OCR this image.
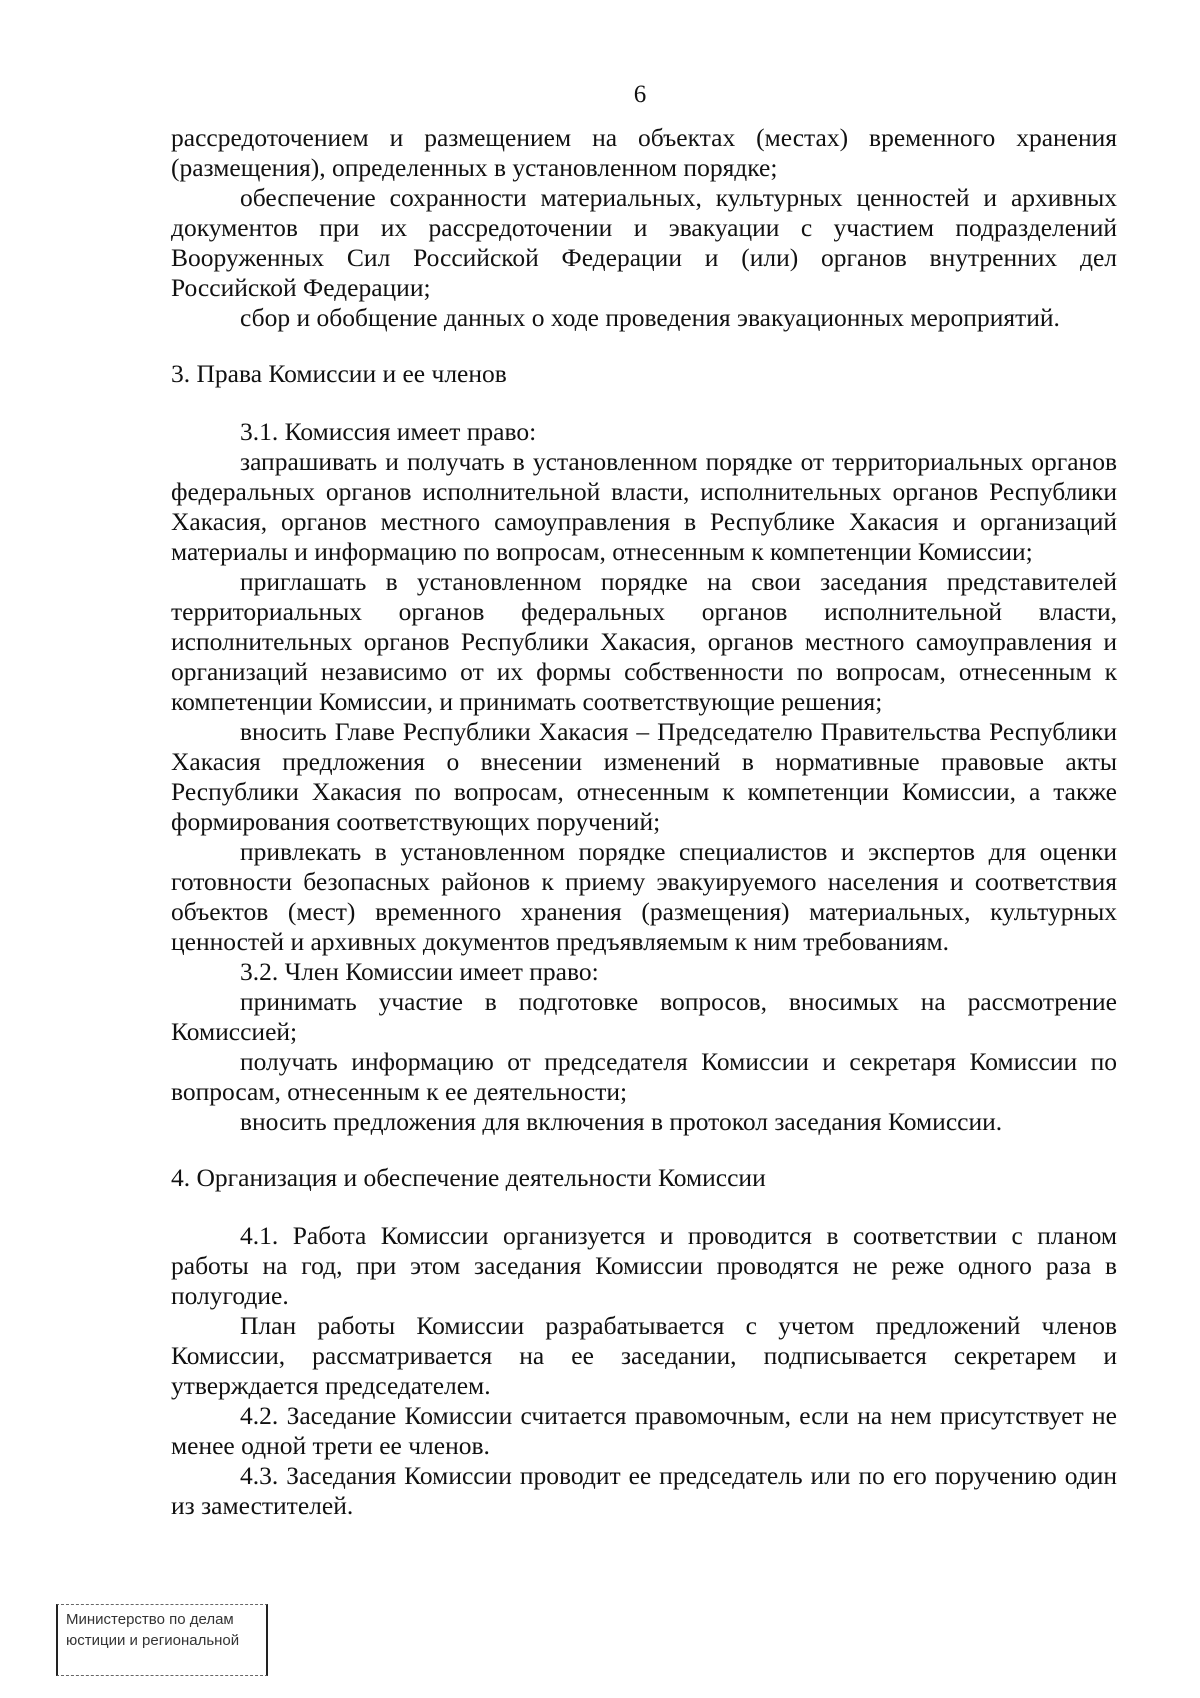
6

рассредоточением и размещением на объектах (местах) временного хранения (размещения), определенных в установленном порядке;

обеспечение сохранности материальных, культурных ценностей и архивных документов при их рассредоточении и эвакуации с участием подразделений Вооруженных Сил Российской Федерации и (или) органов внутренних дел Российской Федерации;

сбор и обобщение данных о ходе проведения эвакуационных мероприятий.

3. Права Комиссии и ее членов

3.1. Комиссия имеет право:

запрашивать и получать в установленном порядке от территориальных органов федеральных органов исполнительной власти, исполнительных органов Республики Хакасия, органов местного самоуправления в Республике Хакасия и организаций материалы и информацию по вопросам, отнесенным к компетенции Комиссии;

приглашать в установленном порядке на свои заседания представителей территориальных органов федеральных органов исполнительной власти, исполнительных органов Республики Хакасия, органов местного самоуправления и организаций независимо от их формы собственности по вопросам, отнесенным к компетенции Комиссии, и принимать соответствующие решения;

вносить Главе Республики Хакасия – Председателю Правительства Республики Хакасия предложения о внесении изменений в нормативные правовые акты Республики Хакасия по вопросам, отнесенным к компетенции Комиссии, а также формирования соответствующих поручений;

привлекать в установленном порядке специалистов и экспертов для оценки готовности безопасных районов к приему эвакуируемого населения и соответствия объектов (мест) временного хранения (размещения) материальных, культурных ценностей и архивных документов предъявляемым к ним требованиям.

3.2. Член Комиссии имеет право:

принимать участие в подготовке вопросов, вносимых на рассмотрение Комиссией;

получать информацию от председателя Комиссии и секретаря Комиссии по вопросам, отнесенным к ее деятельности;

вносить предложения для включения в протокол заседания Комиссии.

4. Организация и обеспечение деятельности Комиссии

4.1. Работа Комиссии организуется и проводится в соответствии с планом работы на год, при этом заседания Комиссии проводятся не реже одного раза в полугодие.

План работы Комиссии разрабатывается с учетом предложений членов Комиссии, рассматривается на ее заседании, подписывается секретарем и утверждается председателем.

4.2. Заседание Комиссии считается правомочным, если на нем присутствует не менее одной трети ее членов.

4.3. Заседания Комиссии проводит ее председатель или по его поручению один из заместителей.

Министерство по делам
юстиции и региональной
